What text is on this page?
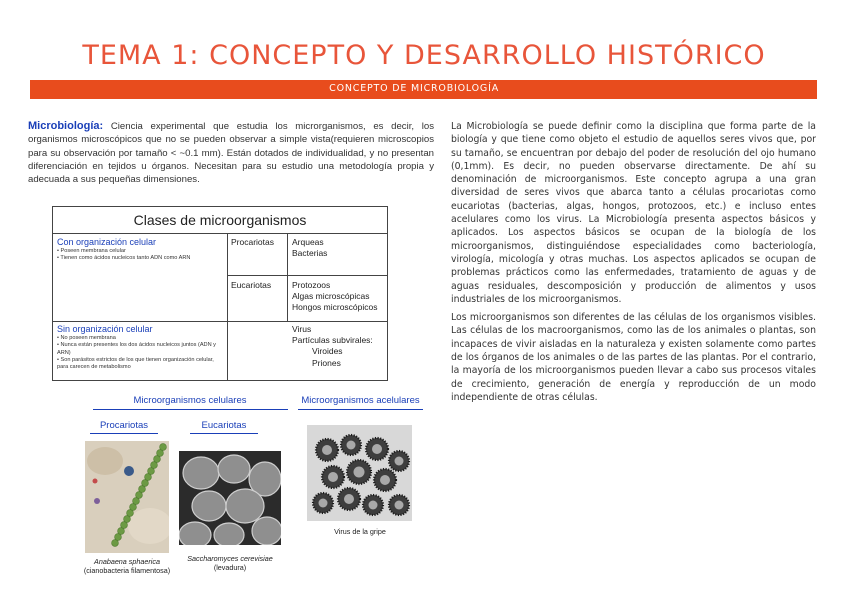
TEMA 1: CONCEPTO Y DESARROLLO HISTÓRICO
CONCEPTO DE MICROBIOLOGÍA
Microbiología: Ciencia experimental que estudia los microrganismos, es decir, los organismos microscópicos que no se pueden observar a simple vista(requieren microscopios para su observación por tamaño < ~0.1 mm). Están dotados de individualidad, y no presentan diferenciación en tejidos u órganos. Necesitan para su estudio una metodología propia y adecuada a sus pequeñas dimensiones.
Clases de microorganismos
Con organización celular
• Poseen membrana celular
• Tienen como ácidos nucleicos tanto ADN como ARN
Procariotas Arqueas
Bacterias
Eucariotas Protozoos
Algas microscópicas
Hongos microscópicos
Sin organización celular
• No poseen membrana
• Nunca están presentes los dos ácidos nucleicos juntos (ADN y ARN)
• Son parásitos estrictos de los que tienen organización celular, para carecen de metabolismo
Virus
Partículas subvirales:
Viroides
Priones
Microorganismos celulares	Microorganismos acelulares
Procariotas	Eucariotas
Anabaena sphaerica
(cianobacteria filamentosa)
Saccharomyces cerevisiae
(levadura)
Virus de la gripe

La Microbiología se puede definir como la disciplina que forma parte de la biología y que tiene como objeto el estudio de aquellos seres vivos que, por su tamaño, se encuentran por debajo del poder de resolución del ojo humano (0,1mm). Es decir, no pueden observarse directamente. De ahí su denominación de microorganismos. Este concepto agrupa a una gran diversidad de seres vivos que abarca tanto a células procariotas como eucariotas (bacterias, algas, hongos, protozoos, etc.) e incluso entes acelulares como los virus. La Microbiología presenta aspectos básicos y aplicados. Los aspectos básicos se ocupan de la biología de los microorganismos, distinguiéndose especialidades como bacteriología, virología, micología y otras muchas. Los aspectos aplicados se ocupan de problemas prácticos como las enfermedades, tratamiento de aguas y de aguas residuales, descomposición y producción de alimentos y usos industriales de los microorganismos.

Los microorganismos son diferentes de las células de los organismos visibles. Las células de los macroorganismos, como las de los animales o plantas, son incapaces de vivir aisladas en la naturaleza y existen solamente como partes de los órganos de los animales o de las partes de las plantas. Por el contrario, la mayoría de los microorganismos pueden llevar a cabo sus procesos vitales de crecimiento, generación de energía y reproducción de un modo independiente de otras células.
